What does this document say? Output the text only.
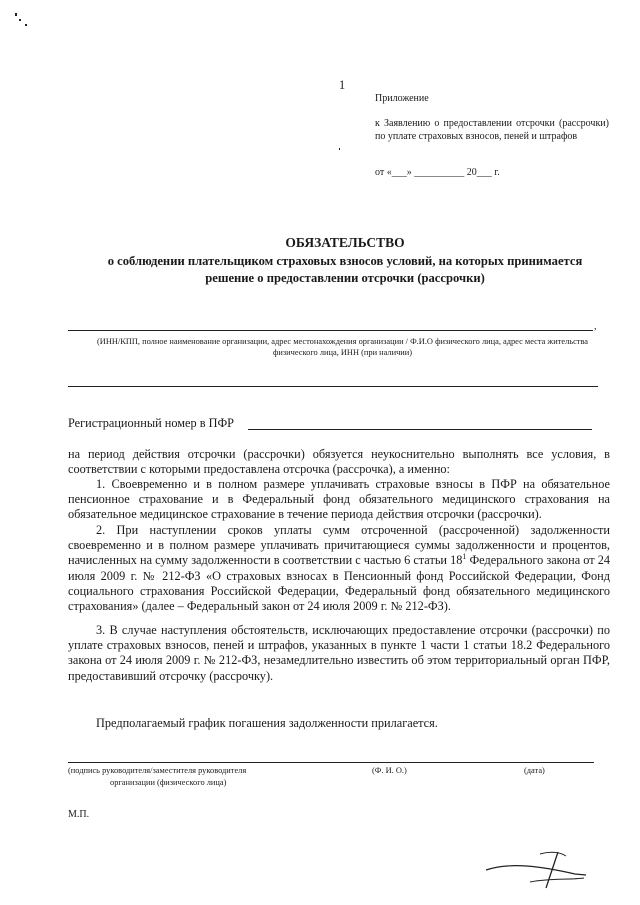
1
Приложение
к Заявлению о предоставлении отсрочки (рассрочки) по уплате страховых взносов, пеней и штрафов
от «___» __________ 20___ г.
ОБЯЗАТЕЛЬСТВО
о соблюдении плательщиком страховых взносов условий, на которых принимается
решение о предоставлении отсрочки (рассрочки)
,
(ИНН/КПП, полное наименование организации, адрес местонахождения организации / Ф.И.О физического лица, адрес места жительства физического лица, ИНН (при наличии)
Регистрационный номер в ПФР
на период действия отсрочки (рассрочки) обязуется неукоснительно выполнять все условия, в соответствии с которыми предоставлена отсрочка (рассрочка), а именно:
1. Своевременно и в полном размере уплачивать страховые взносы в ПФР на обязательное пенсионное страхование и в Федеральный фонд обязательного медицинского страхования на обязательное медицинское страхование в течение периода действия отсрочки (рассрочки).
2. При наступлении сроков уплаты сумм отсроченной (рассроченной) задолженности своевременно и в полном размере уплачивать причитающиеся суммы задолженности и процентов, начисленных на сумму задолженности в соответствии с частью 6 статьи $18^1$ Федерального закона от 24 июля 2009 г. № 212-ФЗ «О страховых взносах в Пенсионный фонд Российской Федерации, Фонд социального страхования Российской Федерации, Федеральный фонд обязательного медицинского страхования» (далее – Федеральный закон от 24 июля 2009 г. № 212-ФЗ).
3. В случае наступления обстоятельств, исключающих предоставление отсрочки (рассрочки) по уплате страховых взносов, пеней и штрафов, указанных в пункте 1 части 1 статьи 18.2 Федерального закона от 24 июля 2009 г. № 212-ФЗ, незамедлительно известить об этом территориальный орган ПФР, предоставивший отсрочку (рассрочку).
Предполагаемый график погашения задолженности прилагается.
(подпись руководителя/заместителя руководителя
организации (физического лица)
(Ф. И. О.)	(дата)
М.П.
